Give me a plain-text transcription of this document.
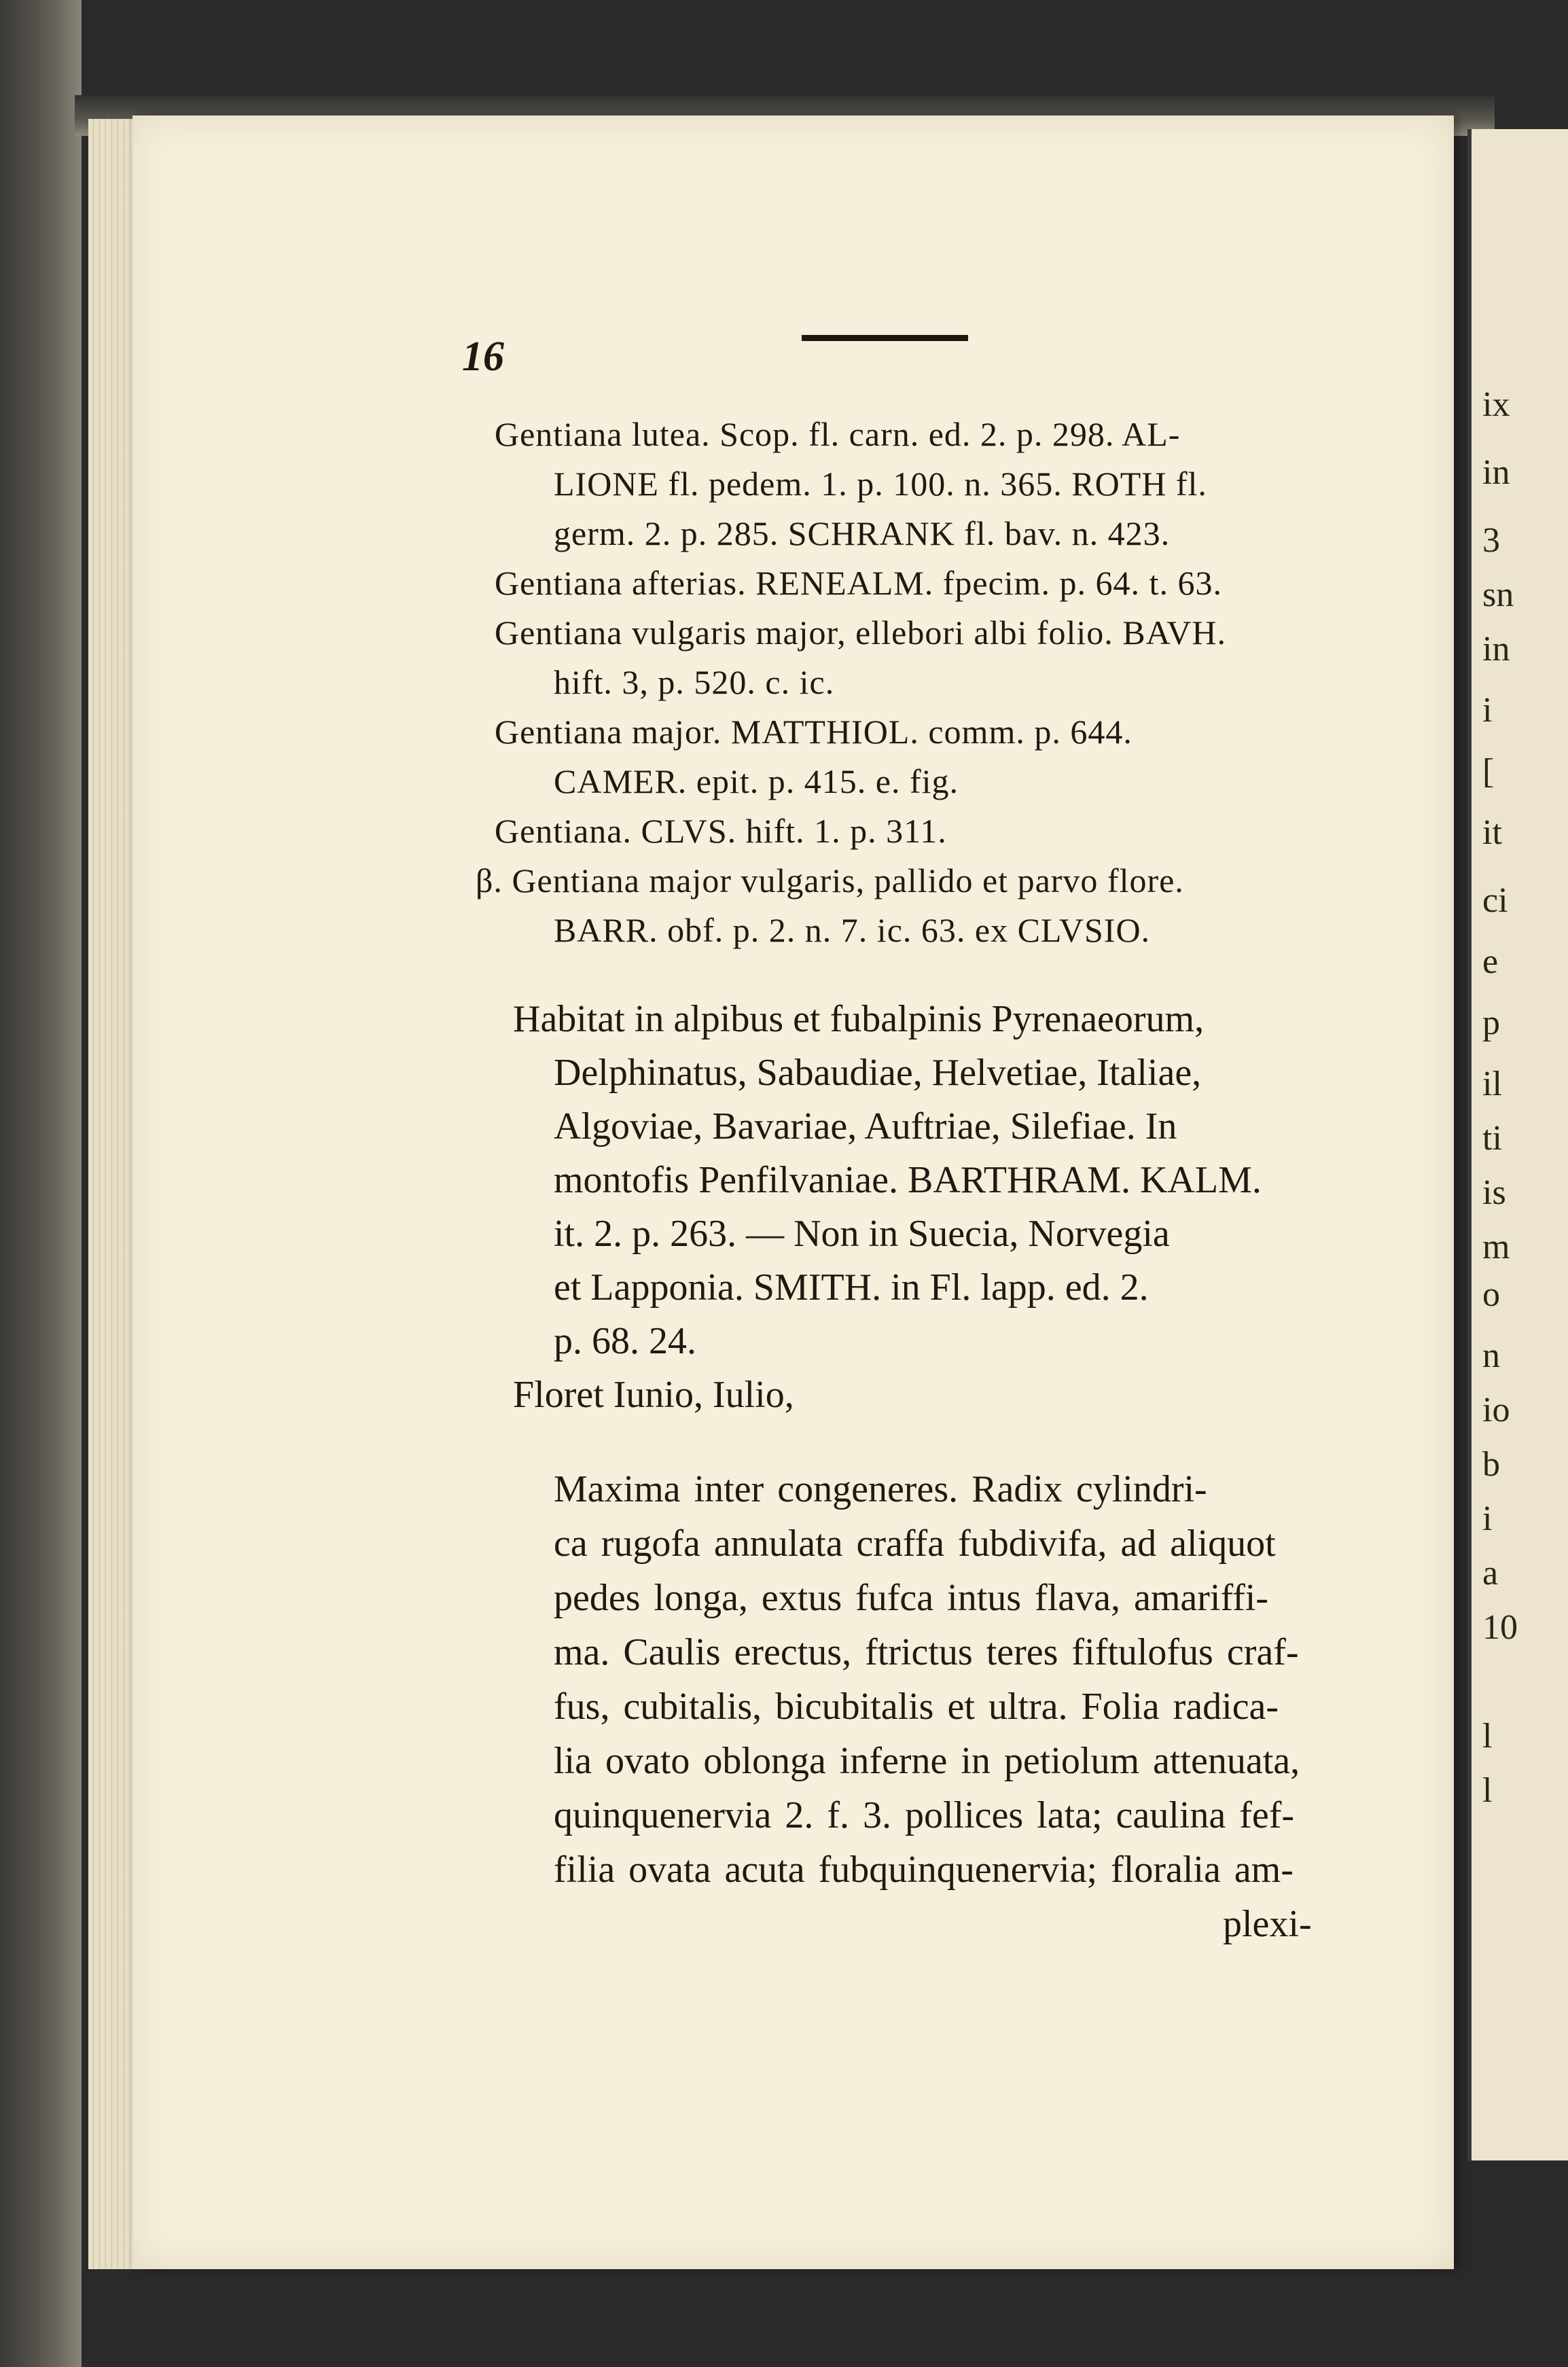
ix
in
3
sn
in
i
[
it
ci
e
p
il
ti
is
m
o
n
io
b
i
a
10
l
l
16
Gentiana lutea. Scop. fl. carn. ed. 2. p. 298. AL-
LIONE fl. pedem. 1. p. 100. n. 365. ROTH fl.
germ. 2. p. 285. SCHRANK fl. bav. n. 423.
Gentiana afterias. RENEALM. fpecim. p. 64. t. 63.
Gentiana vulgaris major, ellebori albi folio. BAVH.
hift. 3, p. 520. c. ic.
Gentiana major. MATTHIOL. comm. p. 644.
CAMER. epit. p. 415. e. fig.
Gentiana. CLVS. hift. 1. p. 311.
β. Gentiana major vulgaris, pallido et parvo flore.
BARR. obf. p. 2. n. 7. ic. 63. ex CLVSIO.
Habitat in alpibus et fubalpinis Pyrenaeorum,
Delphinatus, Sabaudiae, Helvetiae, Italiae,
Algoviae, Bavariae, Auftriae, Silefiae. In
montofis Penfilvaniae. BARTHRAM. KALM.
it. 2. p. 263. — Non in Suecia, Norvegia
et Lapponia. SMITH. in Fl. lapp. ed. 2.
p. 68. 24.
Floret Iunio, Iulio,
Maxima inter congeneres. Radix cylindri-
ca rugofa annulata craffa fubdivifa, ad aliquot
pedes longa, extus fufca intus flava, amariffi-
ma. Caulis erectus, ftrictus teres fiftulofus craf-
fus, cubitalis, bicubitalis et ultra. Folia radica-
lia ovato oblonga inferne in petiolum attenuata,
quinquenervia 2. f. 3. pollices lata; caulina fef-
filia ovata acuta fubquinquenervia; floralia am-
plexi-
